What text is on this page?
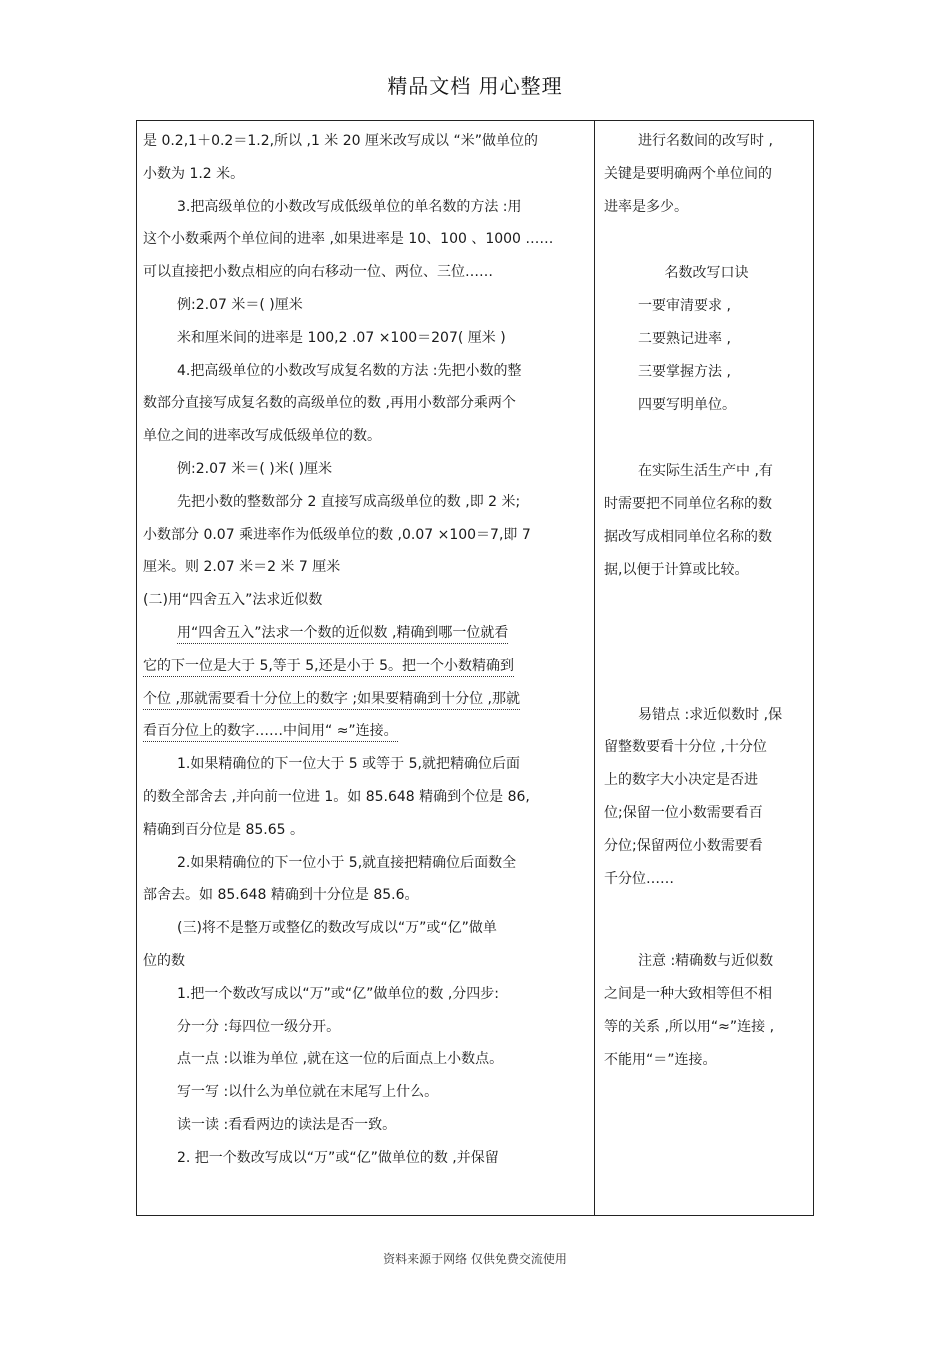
精品文档 用心整理
是 0.2,1＋0.2＝1.2,所以 ,1 米 20 厘米改写成以 “米”做单位的
小数为 1.2 米。
3.把高级单位的小数改写成低级单位的单名数的方法 :用
这个小数乘两个单位间的进率 ,如果进率是 10、100 、1000 ……
可以直接把小数点相应的向右移动一位、两位、三位……
例:2.07 米＝( )厘米
米和厘米间的进率是 100,2 .07 ×100＝207( 厘米 )
4.把高级单位的小数改写成复名数的方法 :先把小数的整
数部分直接写成复名数的高级单位的数 ,再用小数部分乘两个
单位之间的进率改写成低级单位的数。
例:2.07 米＝( )米( )厘米
先把小数的整数部分 2 直接写成高级单位的数 ,即 2 米;
小数部分 0.07 乘进率作为低级单位的数 ,0.07 ×100＝7,即 7
厘米。则 2.07 米＝2 米 7 厘米
(二)用“四舍五入”法求近似数
用“四舍五入”法求一个数的近似数 ,精确到哪一位就看
它的下一位是大于 5,等于 5,还是小于 5。把一个小数精确到
个位 ,那就需要看十分位上的数字 ;如果要精确到十分位 ,那就
看百分位上的数字……中间用“ ≈”连接。
1.如果精确位的下一位大于 5 或等于 5,就把精确位后面
的数全部舍去 ,并向前一位进 1。如 85.648 精确到个位是 86,
精确到百分位是 85.65 。
2.如果精确位的下一位小于 5,就直接把精确位后面数全
部舍去。如 85.648 精确到十分位是 85.6。
(三)将不是整万或整亿的数改写成以“万”或“亿”做单
位的数
1.把一个数改写成以“万”或“亿”做单位的数 ,分四步:
分一分 :每四位一级分开。
点一点 :以谁为单位 ,就在这一位的后面点上小数点。
写一写 :以什么为单位就在末尾写上什么。
读一读 :看看两边的读法是否一致。
2. 把一个数改写成以“万”或“亿”做单位的数 ,并保留
进行名数间的改写时 ,
关键是要明确两个单位间的
进率是多少。
名数改写口诀
一要审清要求 ,
二要熟记进率 ,
三要掌握方法 ,
四要写明单位。
在实际生活生产中 ,有
时需要把不同单位名称的数
据改写成相同单位名称的数
据,以便于计算或比较。
易错点 :求近似数时 ,保
留整数要看十分位 ,十分位
上的数字大小决定是否进
位;保留一位小数需要看百
分位;保留两位小数需要看
千分位……
注意 :精确数与近似数
之间是一种大致相等但不相
等的关系 ,所以用“≈”连接 ,
不能用“＝”连接。
资料来源于网络 仅供免费交流使用
